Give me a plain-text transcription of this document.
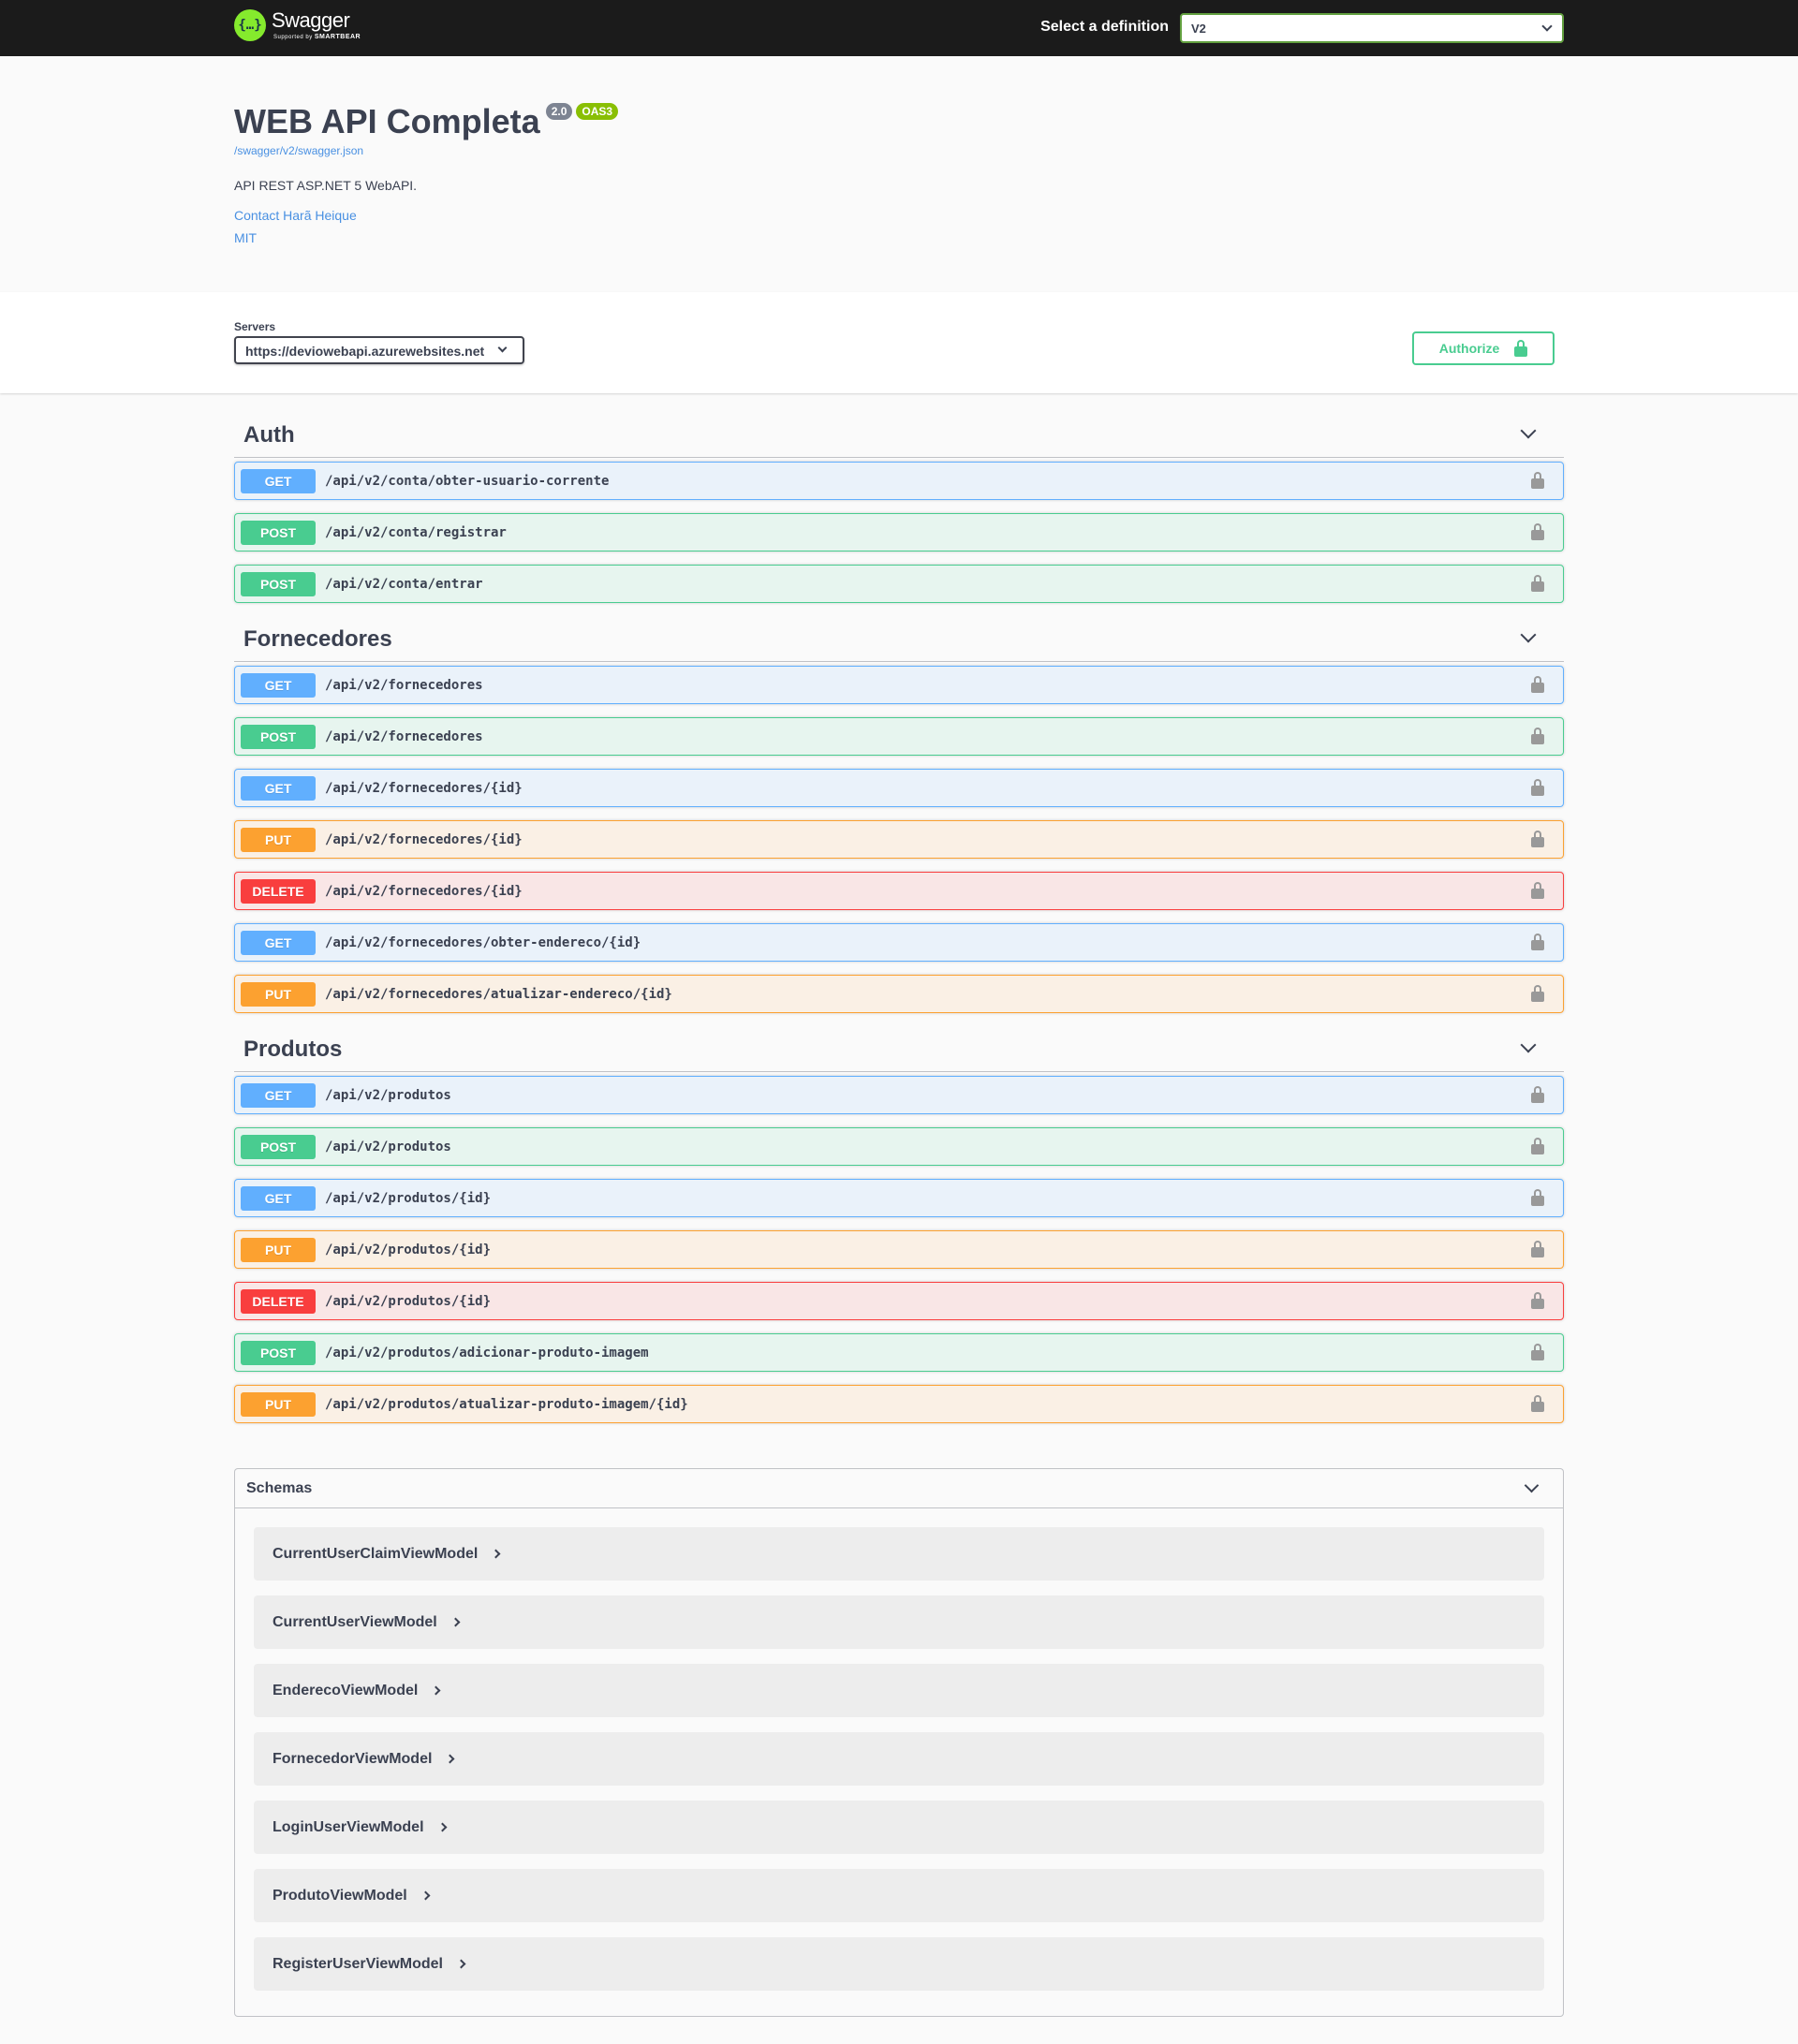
{…} Swagger
Supported by SMARTBEAR
Select a definition	V2
WEB API Completa	2.0	OAS3
/swagger/v2/swagger.json
API REST ASP.NET 5 WebAPI.
Contact Harã Heique
MIT
Servers
https://deviowebapi.azurewebsites.net	Authorize
Auth
GET	/api/v2/conta/obter-usuario-corrente
POST	/api/v2/conta/registrar
POST	/api/v2/conta/entrar
Fornecedores
GET	/api/v2/fornecedores
POST	/api/v2/fornecedores
GET	/api/v2/fornecedores/{id}
PUT	/api/v2/fornecedores/{id}
DELETE	/api/v2/fornecedores/{id}
GET	/api/v2/fornecedores/obter-endereco/{id}
PUT	/api/v2/fornecedores/atualizar-endereco/{id}
Produtos
GET	/api/v2/produtos
POST	/api/v2/produtos
GET	/api/v2/produtos/{id}
PUT	/api/v2/produtos/{id}
DELETE	/api/v2/produtos/{id}
POST	/api/v2/produtos/adicionar-produto-imagem
PUT	/api/v2/produtos/atualizar-produto-imagem/{id}
Schemas
CurrentUserClaimViewModel
CurrentUserViewModel
EnderecoViewModel
FornecedorViewModel
LoginUserViewModel
ProdutoViewModel
RegisterUserViewModel
